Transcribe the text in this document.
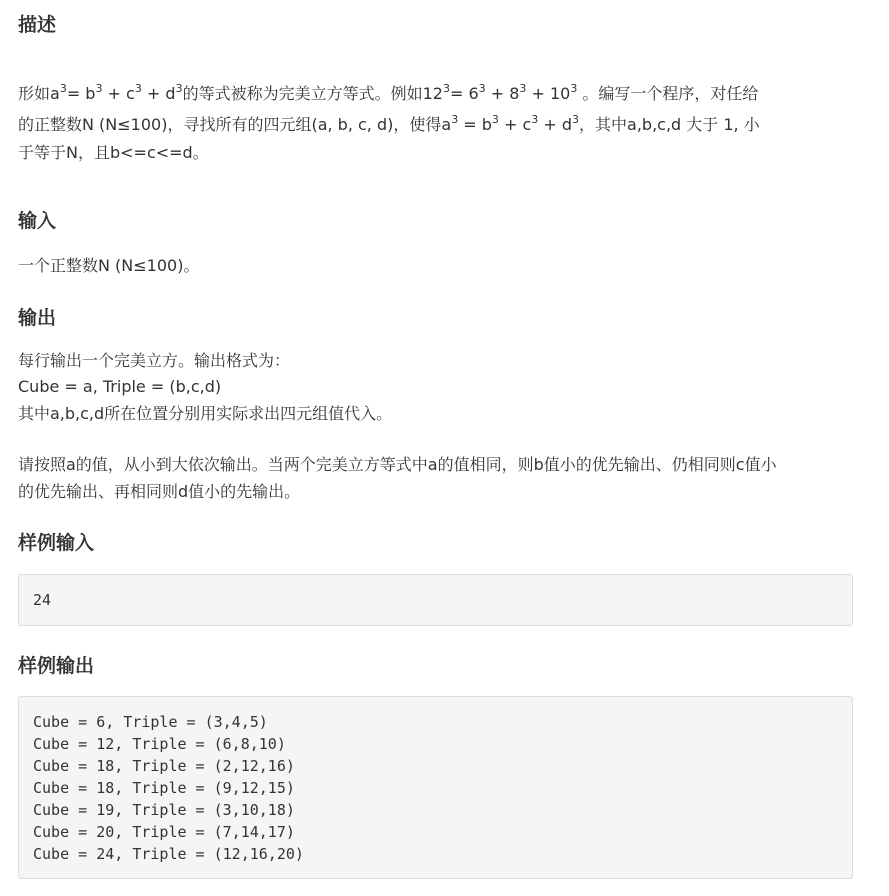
描述
形如$a^3= b^3 + c^3 + d^3$的等式被称为完美立方等式。例如$12^3= 6^3 + 8^3 + 10^3$ 。编写一个程序，对任给
的正整数N (N≤100)，寻找所有的四元组(a, b, c, d)，使得$a^3 = b^3 + c^3 + d^3$，其中a,b,c,d 大于 1, 小
于等于N，且b<=c<=d。
输入
一个正整数N (N≤100)。
输出
每行输出一个完美立方。输出格式为：
Cube = a, Triple = (b,c,d)
其中a,b,c,d所在位置分别用实际求出四元组值代入。
请按照a的值，从小到大依次输出。当两个完美立方等式中a的值相同，则b值小的优先输出、仍相同则c值小
的优先输出、再相同则d值小的先输出。
样例输入
24
样例输出
Cube = 6, Triple = (3,4,5)
Cube = 12, Triple = (6,8,10)
Cube = 18, Triple = (2,12,16)
Cube = 18, Triple = (9,12,15)
Cube = 19, Triple = (3,10,18)
Cube = 20, Triple = (7,14,17)
Cube = 24, Triple = (12,16,20)
